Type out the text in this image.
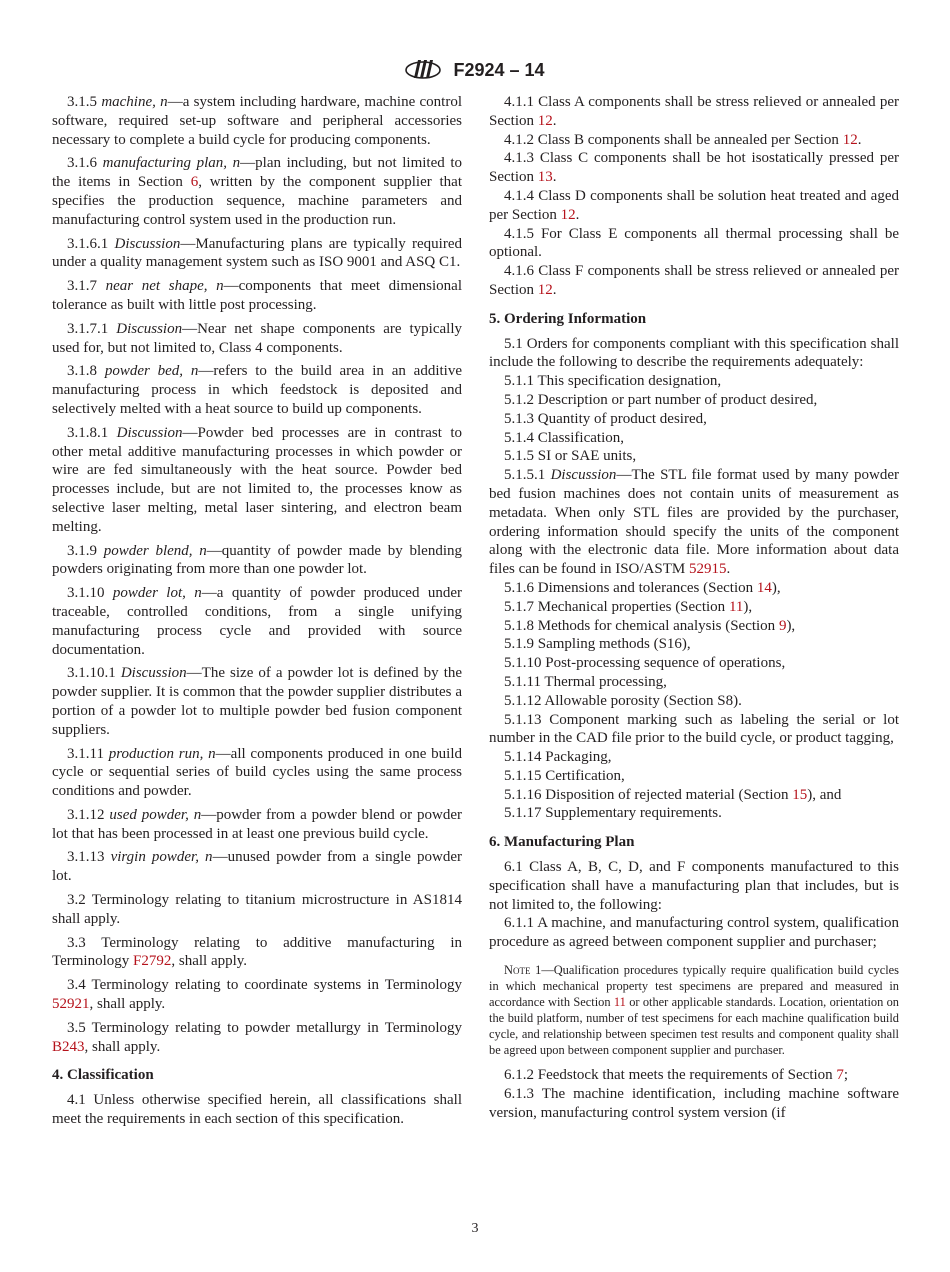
F2924 – 14
3.1.5 machine, n—a system including hardware, machine control software, required set-up software and peripheral accessories necessary to complete a build cycle for producing components.
3.1.6 manufacturing plan, n—plan including, but not limited to the items in Section 6, written by the component supplier that specifies the production sequence, machine parameters and manufacturing control system used in the production run.
3.1.6.1 Discussion—Manufacturing plans are typically required under a quality management system such as ISO 9001 and ASQ C1.
3.1.7 near net shape, n—components that meet dimensional tolerance as built with little post processing.
3.1.7.1 Discussion—Near net shape components are typically used for, but not limited to, Class 4 components.
3.1.8 powder bed, n—refers to the build area in an additive manufacturing process in which feedstock is deposited and selectively melted with a heat source to build up components.
3.1.8.1 Discussion—Powder bed processes are in contrast to other metal additive manufacturing processes in which powder or wire are fed simultaneously with the heat source. Powder bed processes include, but are not limited to, the processes know as selective laser melting, metal laser sintering, and electron beam melting.
3.1.9 powder blend, n—quantity of powder made by blending powders originating from more than one powder lot.
3.1.10 powder lot, n—a quantity of powder produced under traceable, controlled conditions, from a single unifying manufacturing process cycle and provided with source documentation.
3.1.10.1 Discussion—The size of a powder lot is defined by the powder supplier. It is common that the powder supplier distributes a portion of a powder lot to multiple powder bed fusion component suppliers.
3.1.11 production run, n—all components produced in one build cycle or sequential series of build cycles using the same process conditions and powder.
3.1.12 used powder, n—powder from a powder blend or powder lot that has been processed in at least one previous build cycle.
3.1.13 virgin powder, n—unused powder from a single powder lot.
3.2 Terminology relating to titanium microstructure in AS1814 shall apply.
3.3 Terminology relating to additive manufacturing in Terminology F2792, shall apply.
3.4 Terminology relating to coordinate systems in Terminology 52921, shall apply.
3.5 Terminology relating to powder metallurgy in Terminology B243, shall apply.
4. Classification
4.1 Unless otherwise specified herein, all classifications shall meet the requirements in each section of this specification.
4.1.1 Class A components shall be stress relieved or annealed per Section 12.
4.1.2 Class B components shall be annealed per Section 12.
4.1.3 Class C components shall be hot isostatically pressed per Section 13.
4.1.4 Class D components shall be solution heat treated and aged per Section 12.
4.1.5 For Class E components all thermal processing shall be optional.
4.1.6 Class F components shall be stress relieved or annealed per Section 12.
5. Ordering Information
5.1 Orders for components compliant with this specification shall include the following to describe the requirements adequately:
5.1.1 This specification designation,
5.1.2 Description or part number of product desired,
5.1.3 Quantity of product desired,
5.1.4 Classification,
5.1.5 SI or SAE units,
5.1.5.1 Discussion—The STL file format used by many powder bed fusion machines does not contain units of measurement as metadata. When only STL files are provided by the purchaser, ordering information should specify the units of the component along with the electronic data file. More information about data files can be found in ISO/ASTM 52915.
5.1.6 Dimensions and tolerances (Section 14),
5.1.7 Mechanical properties (Section 11),
5.1.8 Methods for chemical analysis (Section 9),
5.1.9 Sampling methods (S16),
5.1.10 Post-processing sequence of operations,
5.1.11 Thermal processing,
5.1.12 Allowable porosity (Section S8).
5.1.13 Component marking such as labeling the serial or lot number in the CAD file prior to the build cycle, or product tagging,
5.1.14 Packaging,
5.1.15 Certification,
5.1.16 Disposition of rejected material (Section 15), and
5.1.17 Supplementary requirements.
6. Manufacturing Plan
6.1 Class A, B, C, D, and F components manufactured to this specification shall have a manufacturing plan that includes, but is not limited to, the following:
6.1.1 A machine, and manufacturing control system, qualification procedure as agreed between component supplier and purchaser;
Note 1—Qualification procedures typically require qualification build cycles in which mechanical property test specimens are prepared and measured in accordance with Section 11 or other applicable standards. Location, orientation on the build platform, number of test specimens for each machine qualification build cycle, and relationship between specimen test results and component quality shall be agreed upon between component supplier and purchaser.
6.1.2 Feedstock that meets the requirements of Section 7;
6.1.3 The machine identification, including machine software version, manufacturing control system version (if
3
